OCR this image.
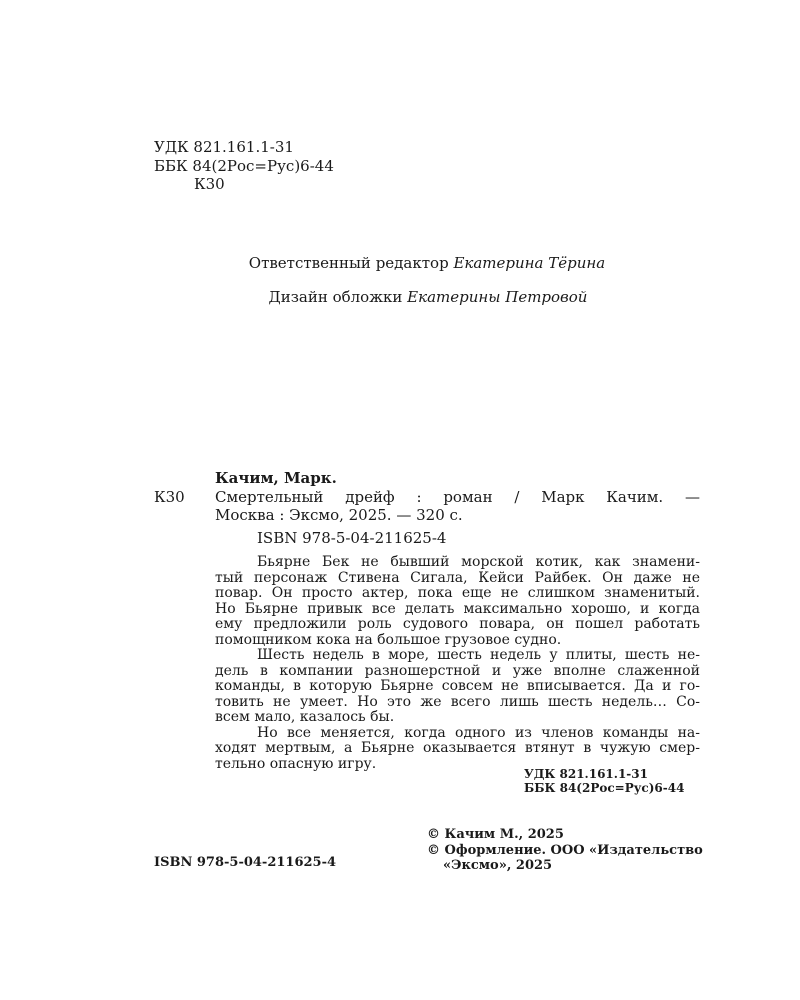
УДК 821.161.1-31
ББК 84(2Рос=Рус)6-44
К30
Ответственный редактор Екатерина Тёрина
Дизайн обложки Екатерины Петровой
Качим, Марк.
К30 Смертельный дрейф : роман / Марк Качим. —
Москва : Эксмо, 2025. — 320 с.
ISBN 978-5-04-211625-4

Бьярне Бек не бывший морской котик, как знамени-
тый персонаж Стивена Сигала, Кейси Райбек. Он даже не
повар. Он просто актер, пока еще не слишком знаменитый.
Но Бьярне привык все делать максимально хорошо, и когда
ему предложили роль судового повара, он пошел работать
помощником кока на большое грузовое судно.

Шесть недель в море, шесть недель у плиты, шесть не-
дель в компании разношерстной и уже вполне слаженной
команды, в которую Бьярне совсем не вписывается. Да и го-
товить не умеет. Но это же всего лишь шесть недель… Со-
всем мало, казалось бы.

Но все меняется, когда одного из членов команды на-
ходят мертвым, а Бьярне оказывается втянут в чужую смер-
тельно опасную игру.

УДК 821.161.1-31
ББК 84(2Рос=Рус)6-44
ISBN 978-5-04-211625-4
© Качим М., 2025
© Оформление. ООО «Издательство
«Эксмо», 2025
